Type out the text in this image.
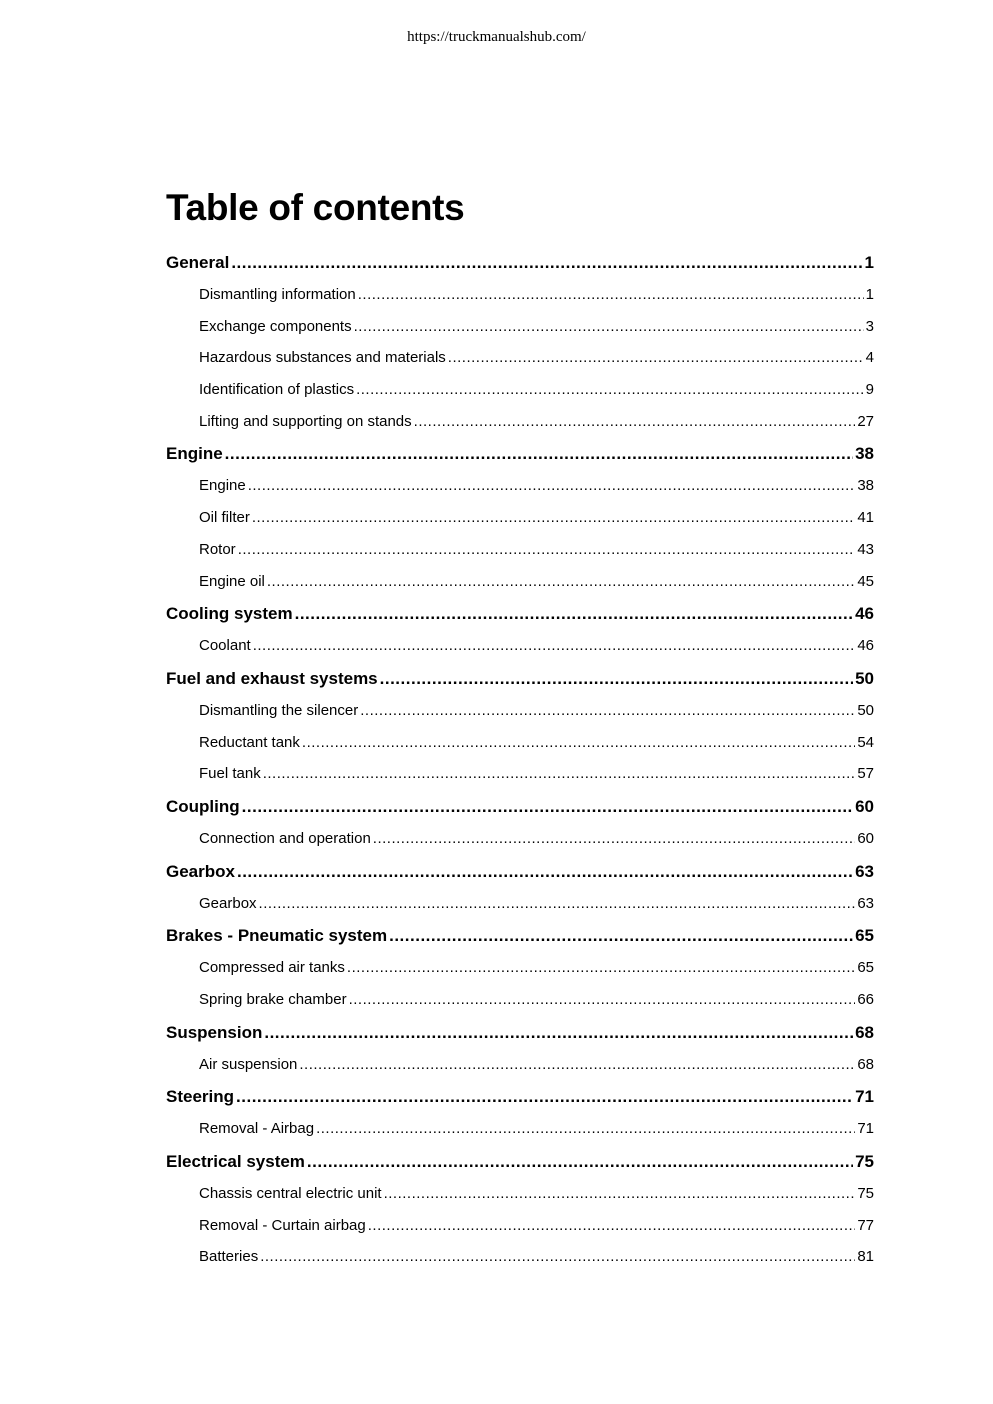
https://truckmanualshub.com/
Table of contents
General .....	1
Dismantling information .....	1
Exchange components .....	3
Hazardous substances and materials .....	4
Identification of plastics .....	9
Lifting and supporting on stands .....	27
Engine .....	38
Engine .....	38
Oil filter .....	41
Rotor .....	43
Engine oil .....	45
Cooling system .....	46
Coolant .....	46
Fuel and exhaust systems .....	50
Dismantling the silencer .....	50
Reductant tank .....	54
Fuel tank .....	57
Coupling .....	60
Connection and operation .....	60
Gearbox .....	63
Gearbox .....	63
Brakes - Pneumatic system .....	65
Compressed air tanks .....	65
Spring brake chamber .....	66
Suspension .....	68
Air suspension .....	68
Steering .....	71
Removal - Airbag .....	71
Electrical system .....	75
Chassis central electric unit .....	75
Removal - Curtain airbag .....	77
Batteries .....	81
